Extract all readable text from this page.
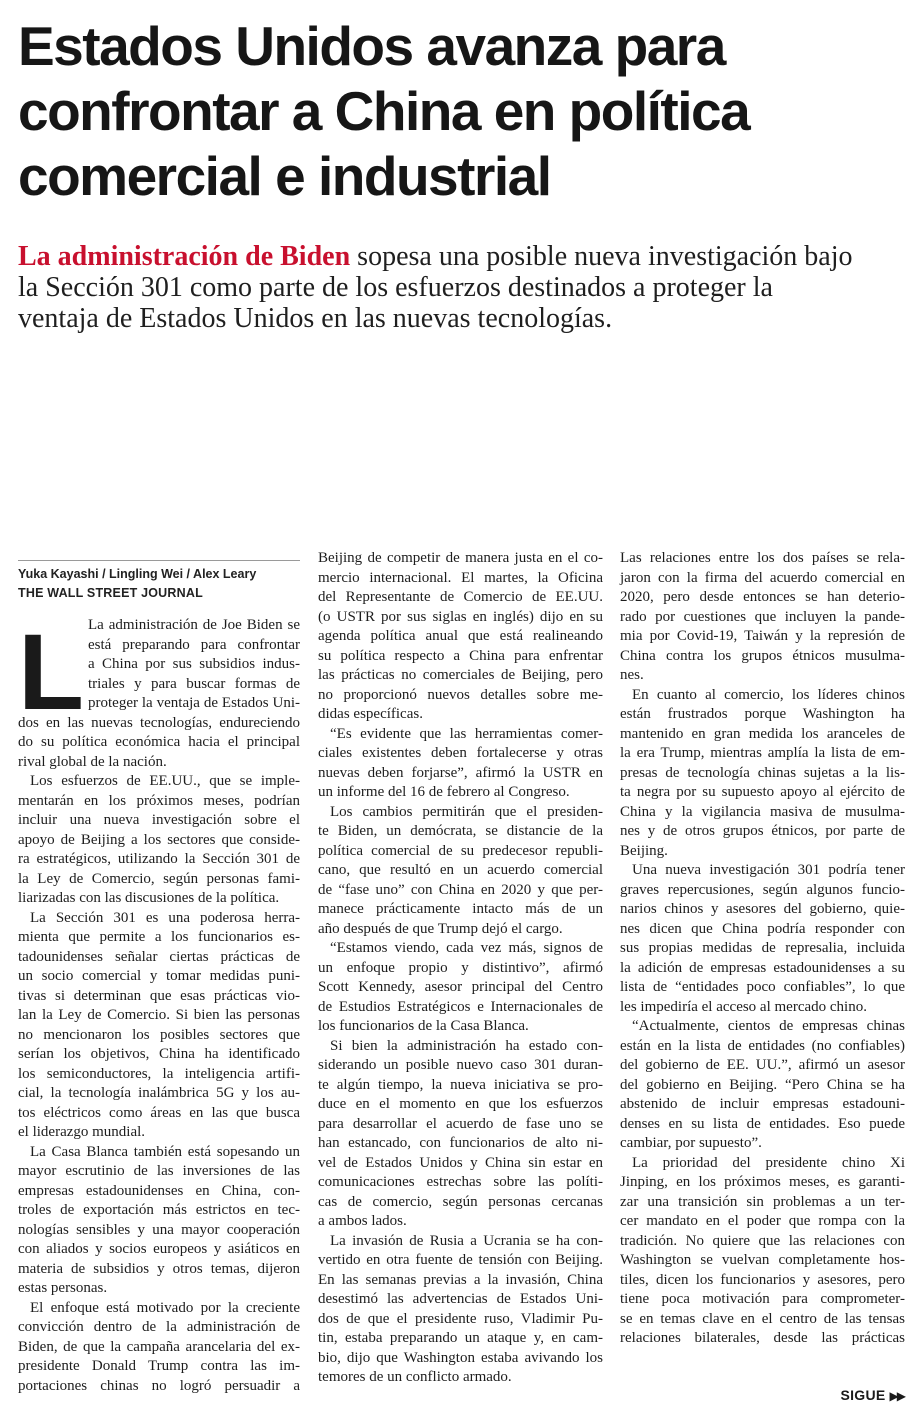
Estados Unidos avanza para
confrontar a China en política
comercial e industrial

La administración de Biden sopesa una posible nueva investigación bajo
la Sección 301 como parte de los esfuerzos destinados a proteger la
ventaja de Estados Unidos en las nuevas tecnologías.

Yuka Kayashi / Lingling Wei / Alex Leary
THE WALL STREET JOURNAL
L La administración de Joe Biden se
está preparando para confrontar
a China por sus subsidios indus-
triales y para buscar formas de
proteger la ventaja de Estados Uni-
dos en las nuevas tecnologías, endureciendo
do su política económica hacia el principal
rival global de la nación.
Los esfuerzos de EE.UU., que se imple-
mentarán en los próximos meses, podrían
incluir una nueva investigación sobre el
apoyo de Beijing a los sectores que conside-
ra estratégicos, utilizando la Sección 301 de
la Ley de Comercio, según personas fami-
liarizadas con las discusiones de la política.
La Sección 301 es una poderosa herra-
mienta que permite a los funcionarios es-
tadounidenses señalar ciertas prácticas de
un socio comercial y tomar medidas puni-
tivas si determinan que esas prácticas vio-
lan la Ley de Comercio. Si bien las personas
no mencionaron los posibles sectores que
serían los objetivos, China ha identificado
los semiconductores, la inteligencia artifi-
cial, la tecnología inalámbrica 5G y los au-
tos eléctricos como áreas en las que busca
el liderazgo mundial.
La Casa Blanca también está sopesando un
mayor escrutinio de las inversiones de las
empresas estadounidenses en China, con-
troles de exportación más estrictos en tec-
nologías sensibles y una mayor cooperación
con aliados y socios europeos y asiáticos en
materia de subsidios y otros temas, dijeron
estas personas.
El enfoque está motivado por la creciente
convicción dentro de la administración de
Biden, de que la campaña arancelaria del ex-
presidente Donald Trump contra las im-
portaciones chinas no logró persuadir a
Beijing de competir de manera justa en el co-
mercio internacional. El martes, la Oficina
del Representante de Comercio de EE.UU.
(o USTR por sus siglas en inglés) dijo en su
agenda política anual que está realineando
su política respecto a China para enfrentar
las prácticas no comerciales de Beijing, pero
no proporcionó nuevos detalles sobre me-
didas específicas.
“Es evidente que las herramientas comer-
ciales existentes deben fortalecerse y otras
nuevas deben forjarse”, afirmó la USTR en
un informe del 16 de febrero al Congreso.
Los cambios permitirán que el presiden-
te Biden, un demócrata, se distancie de la
política comercial de su predecesor republi-
cano, que resultó en un acuerdo comercial
de “fase uno” con China en 2020 y que per-
manece prácticamente intacto más de un
año después de que Trump dejó el cargo.
“Estamos viendo, cada vez más, signos de
un enfoque propio y distintivo”, afirmó
Scott Kennedy, asesor principal del Centro
de Estudios Estratégicos e Internacionales de
los funcionarios de la Casa Blanca.
Si bien la administración ha estado con-
siderando un posible nuevo caso 301 duran-
te algún tiempo, la nueva iniciativa se pro-
duce en el momento en que los esfuerzos
para desarrollar el acuerdo de fase uno se
han estancado, con funcionarios de alto ni-
vel de Estados Unidos y China sin estar en
comunicaciones estrechas sobre las políti-
cas de comercio, según personas cercanas
a ambos lados.
La invasión de Rusia a Ucrania se ha con-
vertido en otra fuente de tensión con Beijing.
En las semanas previas a la invasión, China
desestimó las advertencias de Estados Uni-
dos de que el presidente ruso, Vladimir Pu-
tin, estaba preparando un ataque y, en cam-
bio, dijo que Washington estaba avivando los
temores de un conflicto armado.
Las relaciones entre los dos países se rela-
jaron con la firma del acuerdo comercial en
2020, pero desde entonces se han deterio-
rado por cuestiones que incluyen la pande-
mia por Covid-19, Taiwán y la represión de
China contra los grupos étnicos musulma-
nes.
En cuanto al comercio, los líderes chinos
están frustrados porque Washington ha
mantenido en gran medida los aranceles de
la era Trump, mientras amplía la lista de em-
presas de tecnología chinas sujetas a la lis-
ta negra por su supuesto apoyo al ejército de
China y la vigilancia masiva de musulma-
nes y de otros grupos étnicos, por parte de
Beijing.
Una nueva investigación 301 podría tener
graves repercusiones, según algunos funcio-
narios chinos y asesores del gobierno, quie-
nes dicen que China podría responder con
sus propias medidas de represalia, incluida
la adición de empresas estadounidenses a su
lista de “entidades poco confiables”, lo que
les impediría el acceso al mercado chino.
“Actualmente, cientos de empresas chinas
están en la lista de entidades (no confiables)
del gobierno de EE. UU.”, afirmó un asesor
del gobierno en Beijing. “Pero China se ha
abstenido de incluir empresas estadouni-
denses en su lista de entidades. Eso puede
cambiar, por supuesto”.
La prioridad del presidente chino Xi
Jinping, en los próximos meses, es garanti-
zar una transición sin problemas a un ter-
cer mandato en el poder que rompa con la
tradición. No quiere que las relaciones con
Washington se vuelvan completamente hos-
tiles, dicen los funcionarios y asesores, pero
tiene poca motivación para comprometer-
se en temas clave en el centro de las tensas
relaciones bilaterales, desde las prácticas
SIGUE ▶▶
